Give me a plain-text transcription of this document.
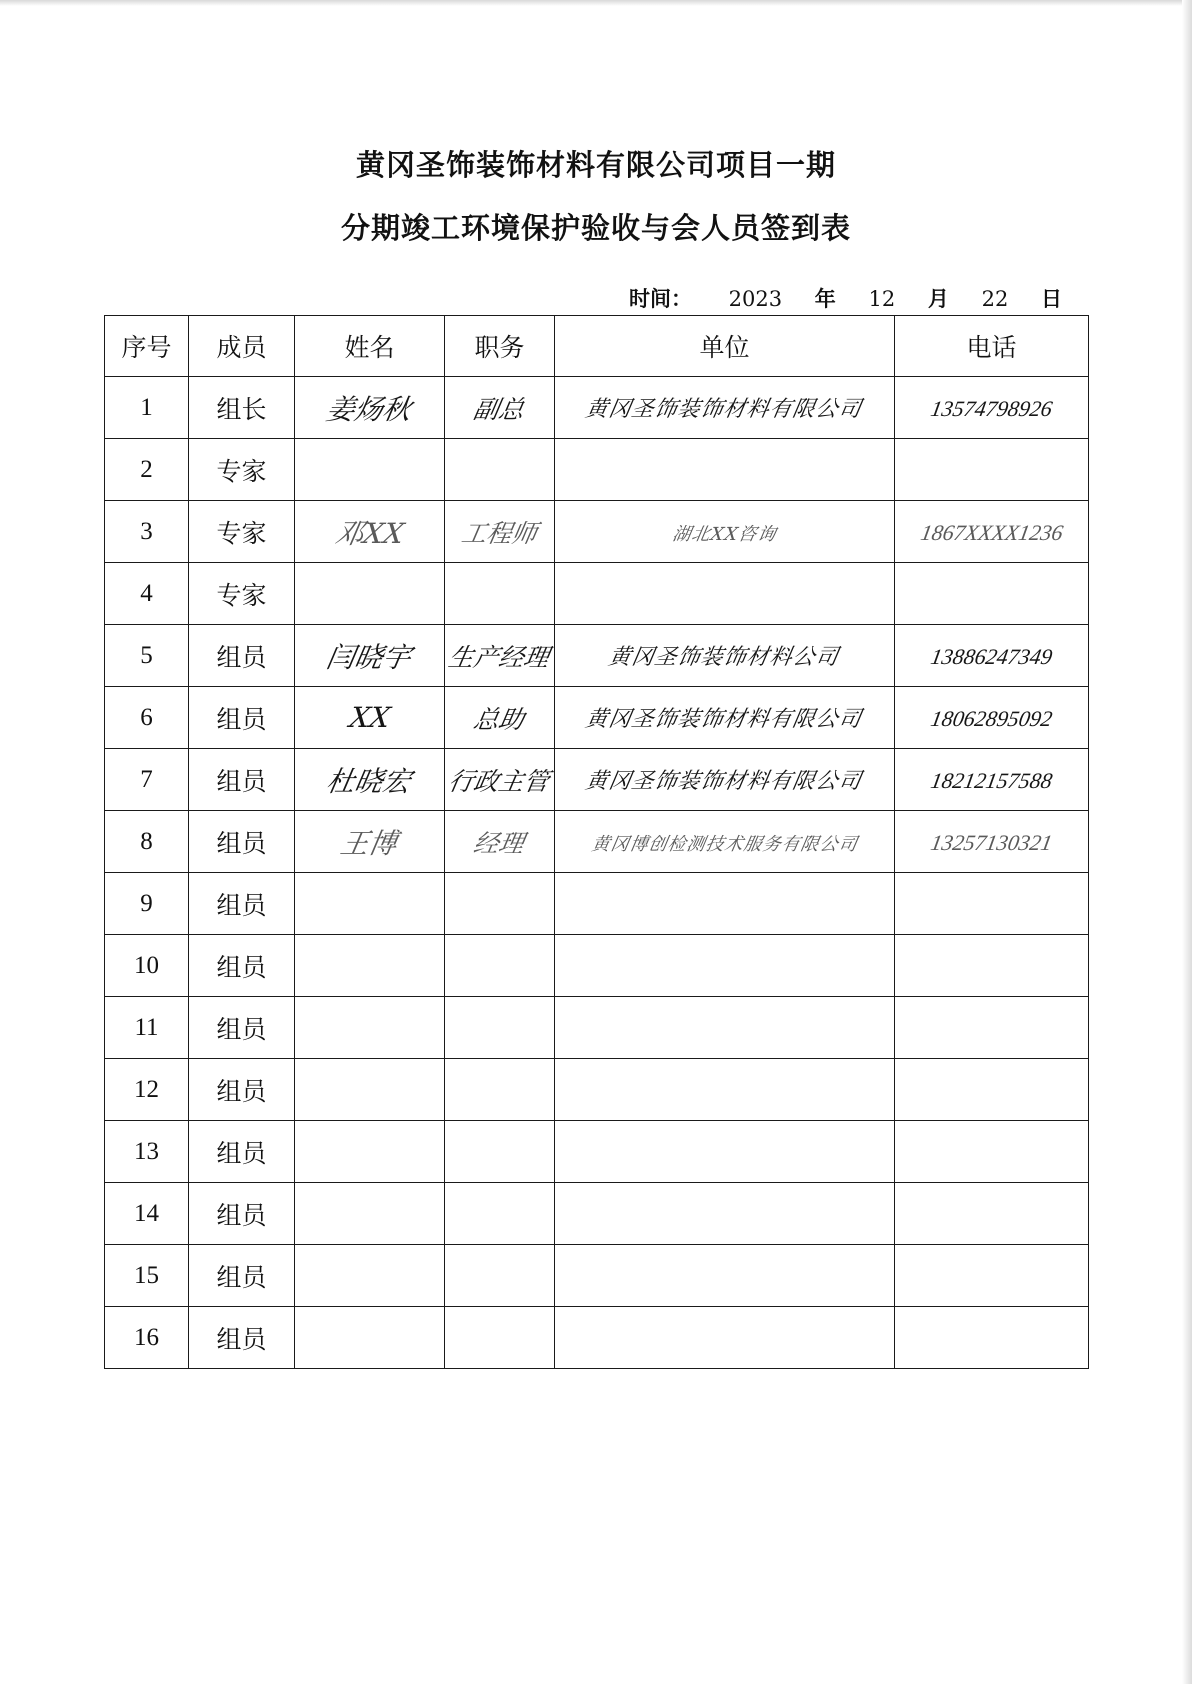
黄冈圣饰装饰材料有限公司项目一期
分期竣工环境保护验收与会人员签到表
时间： 2023 年 12 月 22 日
序号	成员	姓名	职务	单位	电话
1	组长	姜炀秋	副总	黄冈圣饰装饰材料有限公司	13574798926
2	专家				
3	专家	邓XX	工程师	湖北XX咨询	1867XXXX1236
4	专家				
5	组员	闫晓宇	生产经理	黄冈圣饰装饰材料公司	13886247349
6	组员	XX	总助	黄冈圣饰装饰材料有限公司	18062895092
7	组员	杜晓宏	行政主管	黄冈圣饰装饰材料有限公司	18212157588
8	组员	王博	经理	黄冈博创检测技术服务有限公司	13257130321
9	组员				
10	组员				
11	组员				
12	组员				
13	组员				
14	组员				
15	组员				
16	组员				
